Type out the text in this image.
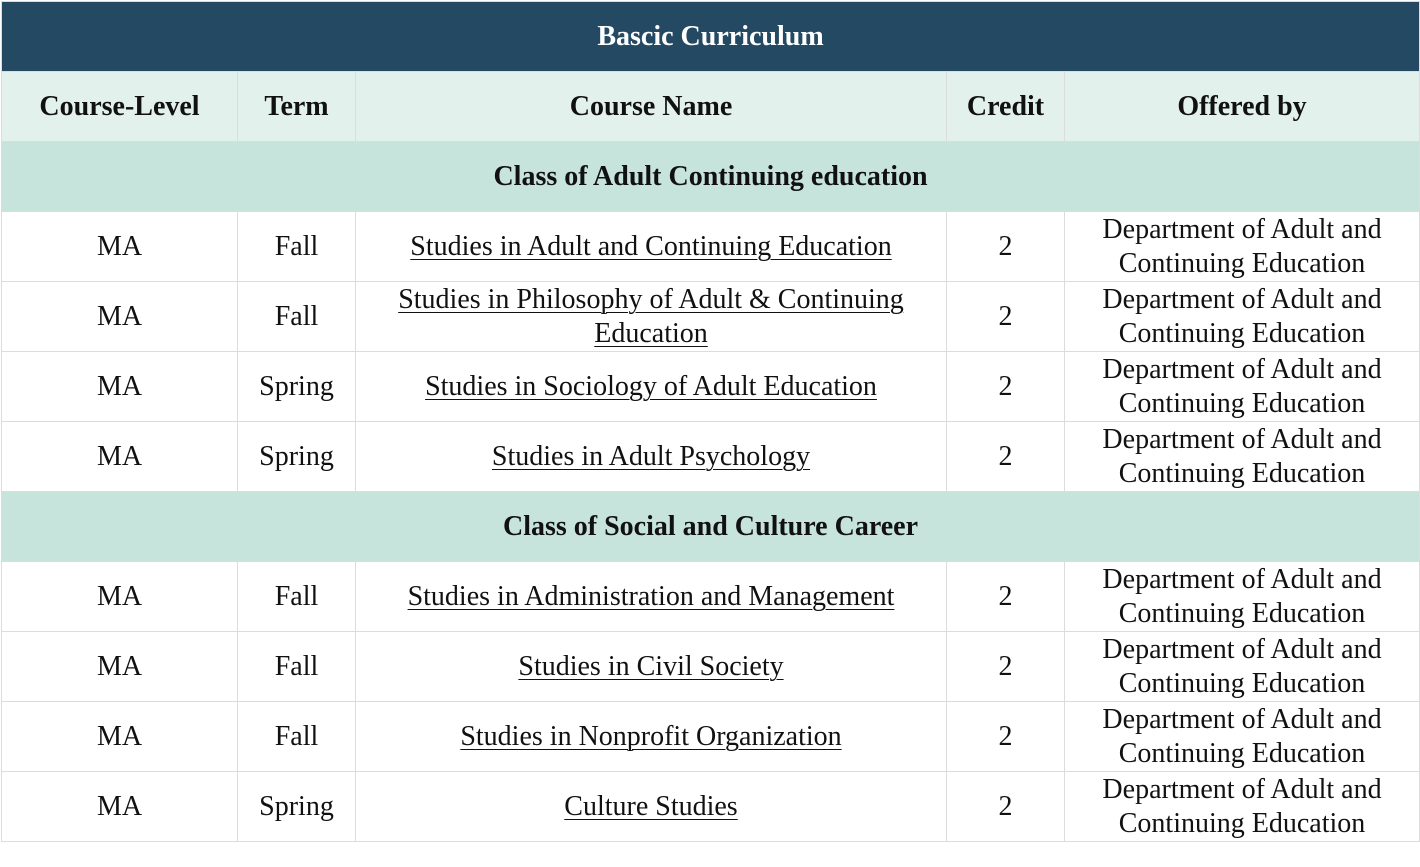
Bascic Curriculum				
Course-Level	Term	Course Name	Credit	Offered by
Class of Adult Continuing education				
MA	Fall	Studies in Adult and Continuing Education	2	Department of Adult and Continuing Education
MA	Fall	Studies in Philosophy of Adult & Continuing Education	2	Department of Adult and Continuing Education
MA	Spring	Studies in Sociology of Adult Education	2	Department of Adult and Continuing Education
MA	Spring	Studies in Adult Psychology	2	Department of Adult and Continuing Education
Class of Social and Culture Career				
MA	Fall	Studies in Administration and Management	2	Department of Adult and Continuing Education
MA	Fall	Studies in Civil Society	2	Department of Adult and Continuing Education
MA	Fall	Studies in Nonprofit Organization	2	Department of Adult and Continuing Education
MA	Spring	Culture Studies	2	Department of Adult and Continuing Education
